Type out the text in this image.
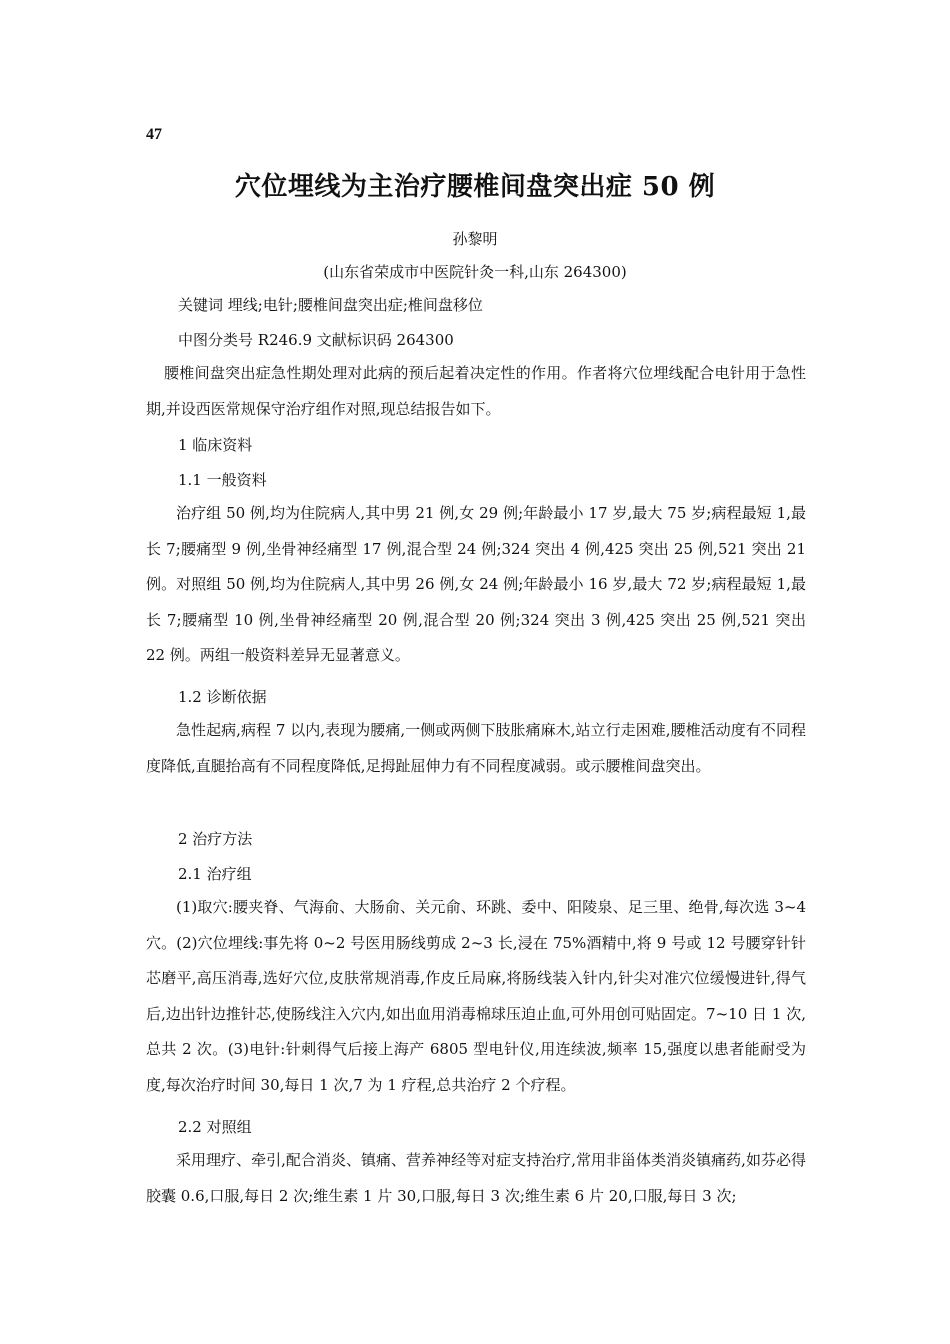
47
穴位埋线为主治疗腰椎间盘突出症 50 例
孙黎明
(山东省荣成市中医院针灸一科,山东 264300)
关键词 埋线;电针;腰椎间盘突出症;椎间盘移位
中图分类号 R246.9 文献标识码 264300

腰椎间盘突出症急性期处理对此病的预后起着决定性的作用。作者将穴位埋线配合电针用于急性期,并设西医常规保守治疗组作对照,现总结报告如下。

1 临床资料
1.1 一般资料

治疗组 50 例,均为住院病人,其中男 21 例,女 29 例;年龄最小 17 岁,最大 75 岁;病程最短 1,最长 7;腰痛型 9 例,坐骨神经痛型 17 例,混合型 24 例;324 突出 4 例,425 突出 25 例,521 突出 21 例。对照组 50 例,均为住院病人,其中男 26 例,女 24 例;年龄最小 16 岁,最大 72 岁;病程最短 1,最长 7;腰痛型 10 例,坐骨神经痛型 20 例,混合型 20 例;324 突出 3 例,425 突出 25 例,521 突出 22 例。两组一般资料差异无显著意义。

1.2 诊断依据

急性起病,病程 7 以内,表现为腰痛,一侧或两侧下肢胀痛麻木,站立行走困难,腰椎活动度有不同程度降低,直腿抬高有不同程度降低,足拇趾屈伸力有不同程度减弱。或示腰椎间盘突出。

2 治疗方法
2.1 治疗组

(1)取穴:腰夹脊、气海俞、大肠俞、关元俞、环跳、委中、阳陵泉、足三里、绝骨,每次选 3~4 穴。(2)穴位埋线:事先将 0~2 号医用肠线剪成 2~3 长,浸在 75%酒精中,将 9 号或 12 号腰穿针针芯磨平,高压消毒,选好穴位,皮肤常规消毒,作皮丘局麻,将肠线装入针内,针尖对准穴位缓慢进针,得气后,边出针边推针芯,使肠线注入穴内,如出血用消毒棉球压迫止血,可外用创可贴固定。7~10 日 1 次,总共 2 次。(3)电针:针刺得气后接上海产 6805 型电针仪,用连续波,频率 15,强度以患者能耐受为度,每次治疗时间 30,每日 1 次,7 为 1 疗程,总共治疗 2 个疗程。

2.2 对照组

采用理疗、牵引,配合消炎、镇痛、营养神经等对症支持治疗,常用非甾体类消炎镇痛药,如芬必得胶囊 0.6,口服,每日 2 次;维生素 1 片 30,口服,每日 3 次;维生素 6 片 20,口服,每日 3 次;
